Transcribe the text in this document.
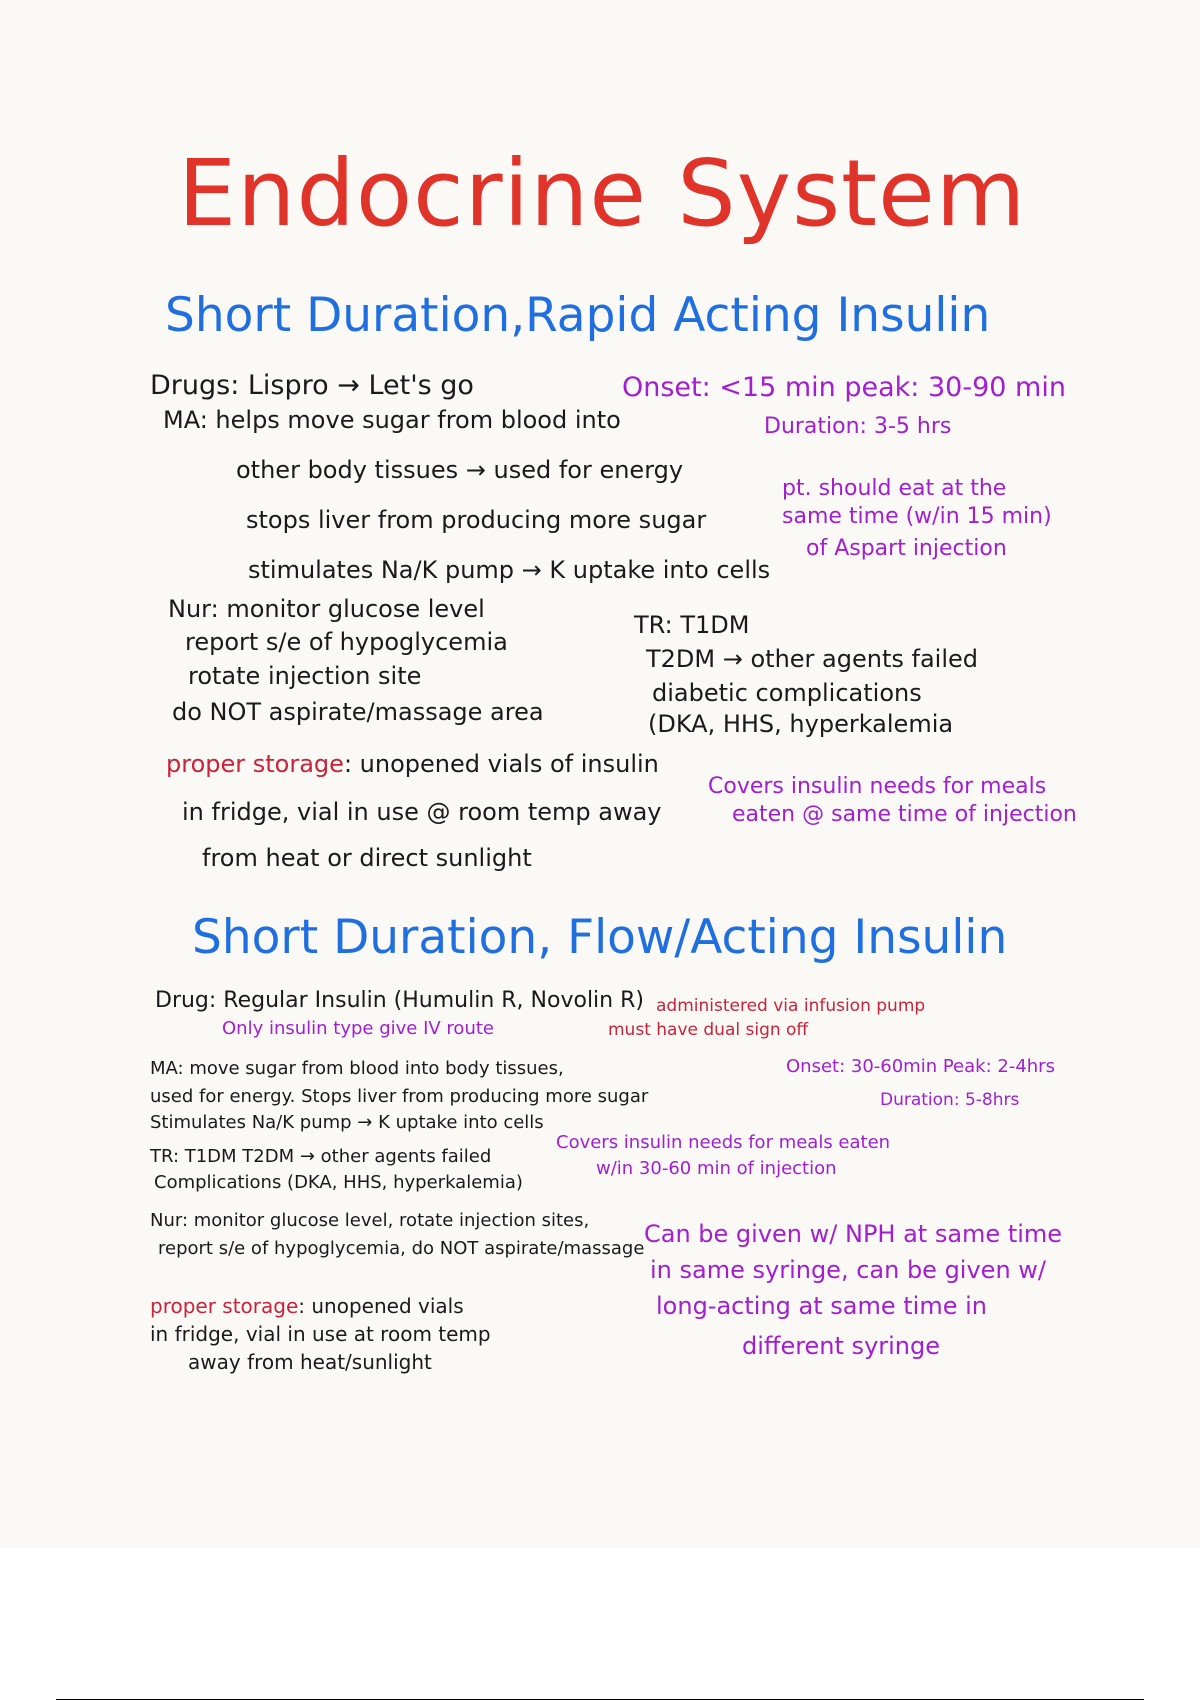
Endocrine System
Short Duration,Rapid Acting Insulin
Drugs: Lispro → Let's go
MA: helps move sugar from blood into
other body tissues → used for energy
stops liver from producing more sugar
stimulates Na/K pump → K uptake into cells
Nur: monitor glucose level
report s/e of hypoglycemia
rotate injection site
do NOT aspirate/massage area
proper storage: unopened vials of insulin
in fridge, vial in use @ room temp away
from heat or direct sunlight
Onset: <15 min peak: 30-90 min
Duration: 3-5 hrs
pt. should eat at the
same time (w/in 15 min)
of Aspart injection
TR: T1DM
T2DM → other agents failed
diabetic complications
(DKA, HHS, hyperkalemia
Covers insulin needs for meals
eaten @ same time of injection
Short Duration, Flow/Acting Insulin
Drug: Regular Insulin (Humulin R, Novolin R)
Only insulin type give IV route
administered via infusion pump
must have dual sign off
MA: move sugar from blood into body tissues,
used for energy. Stops liver from producing more sugar
Stimulates Na/K pump → K uptake into cells
Onset: 30-60min Peak: 2-4hrs
Duration: 5-8hrs
TR: T1DM T2DM → other agents failed
Complications (DKA, HHS, hyperkalemia)
Covers insulin needs for meals eaten
w/in 30-60 min of injection
Nur: monitor glucose level, rotate injection sites,
report s/e of hypoglycemia, do NOT aspirate/massage
Can be given w/ NPH at same time
in same syringe, can be given w/
long-acting at same time in
different syringe
proper storage: unopened vials
in fridge, vial in use at room temp
away from heat/sunlight
